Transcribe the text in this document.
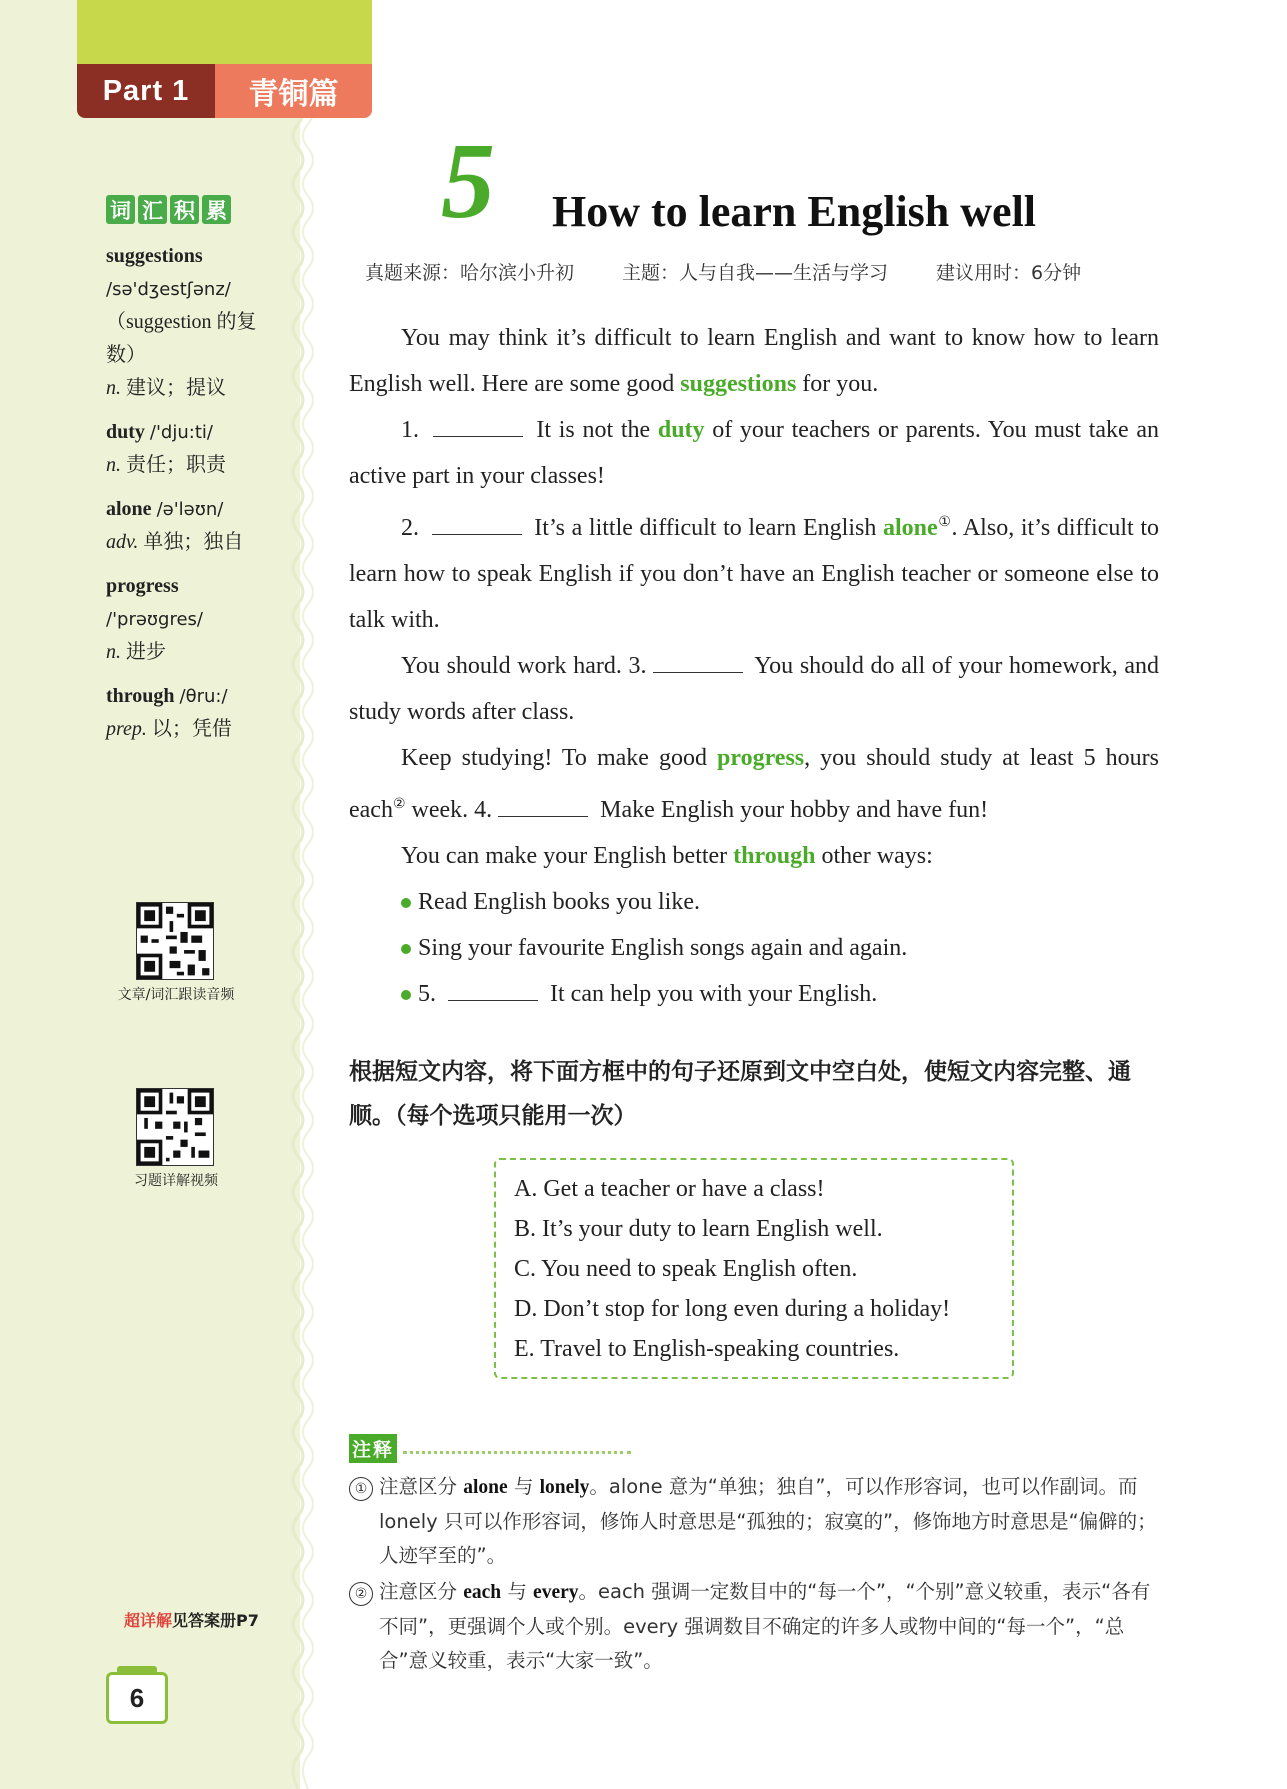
Part 1	青铜篇
词 汇 积 累
suggestions
/sə'dʒestʃənz/
（suggestion 的复数）
n. 建议；提议
duty /'dju:ti/
n. 责任；职责
alone /ə'ləʊn/
adv. 单独；独自
progress
/'prəʊgres/
n. 进步
through /θru:/
prep. 以；凭借
文章/词汇跟读音频
习题详解视频
超详解见答案册P7
6
5 How to learn English well
真题来源：哈尔滨小升初	主题：人与自我——生活与学习	建议用时：6分钟

You may think it’s difficult to learn English and want to know how to learn English well. Here are some good suggestions for you.

1.	It is not the duty of your teachers or parents. You must take an active part in your classes!

2.	It’s a little difficult to learn English alone①. Also, it’s difficult to learn how to speak English if you don’t have an English teacher or someone else to talk with.

You should work hard. 3.	You should do all of your homework, and study words after class.

Keep studying! To make good progress, you should study at least 5 hours each② week. 4.	Make English your hobby and have fun!

You can make your English better through other ways:

Read English books you like.
Sing your favourite English songs again and again.
5.	It can help you with your English.
根据短文内容，将下面方框中的句子还原到文中空白处，使短文内容完整、通顺。（每个选项只能用一次）
A. Get a teacher or have a class!
B. It’s your duty to learn English well.
C. You need to speak English often.
D. Don’t stop for long even during a holiday!
E. Travel to English-speaking countries.
注释

① 注意区分 alone 与 lonely。alone 意为“单独；独自”，可以作形容词，也可以作副词。而 lonely 只可以作形容词，修饰人时意思是“孤独的；寂寞的”，修饰地方时意思是“偏僻的；人迹罕至的”。

② 注意区分 each 与 every。each 强调一定数目中的“每一个”，“个别”意义较重，表示“各有不同”，更强调个人或个别。every 强调数目不确定的许多人或物中间的“每一个”，“总合”意义较重，表示“大家一致”。
